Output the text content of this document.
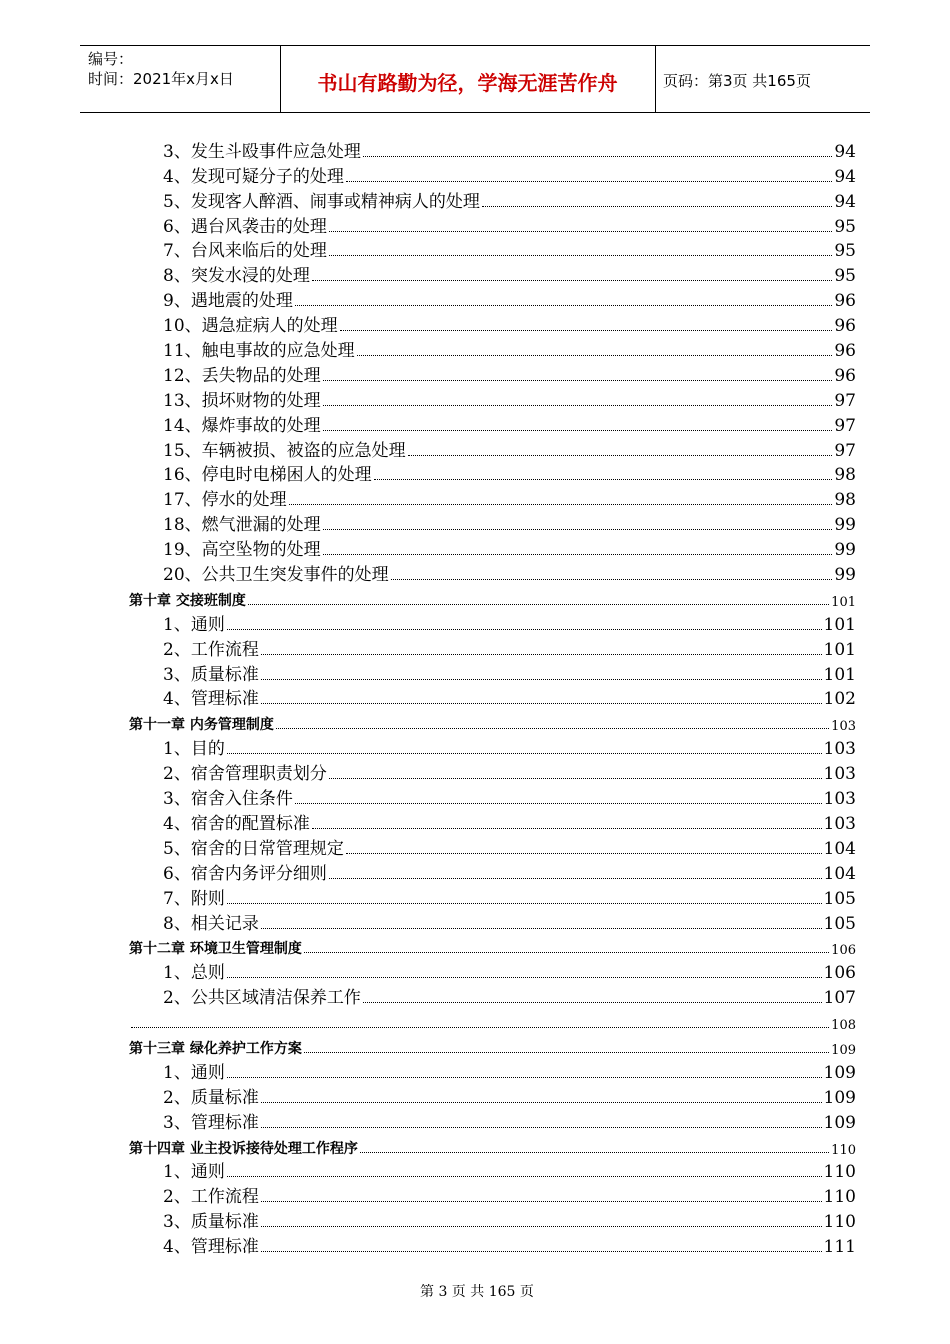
编号：
时间：2021年x月x日	书山有路勤为径，学海无涯苦作舟	页码：第3页 共165页
3、发生斗殴事件应急处理	94
4、发现可疑分子的处理	94
5、发现客人醉酒、闹事或精神病人的处理	94
6、遇台风袭击的处理	95
7、台风来临后的处理	95
8、突发水浸的处理	95
9、遇地震的处理	96
10、遇急症病人的处理	96
11、触电事故的应急处理	96
12、丢失物品的处理	96
13、损坏财物的处理	97
14、爆炸事故的处理	97
15、车辆被损、被盗的应急处理	97
16、停电时电梯困人的处理	98
17、停水的处理	98
18、燃气泄漏的处理	99
19、高空坠物的处理	99
20、公共卫生突发事件的处理	99
第十章 交接班制度	101
1、通则	101
2、工作流程	101
3、质量标准	101
4、管理标准	102
第十一章 内务管理制度	103
1、目的	103
2、宿舍管理职责划分	103
3、宿舍入住条件	103
4、宿舍的配置标准	103
5、宿舍的日常管理规定	104
6、宿舍内务评分细则	104
7、附则	105
8、相关记录	105
第十二章 环境卫生管理制度	106
1、总则	106
2、公共区域清洁保养工作	107
108
第十三章 绿化养护工作方案	109
1、通则	109
2、质量标准	109
3、管理标准	109
第十四章 业主投诉接待处理工作程序	110
1、通则	110
2、工作流程	110
3、质量标准	110
4、管理标准	111
第 3 页 共 165 页
